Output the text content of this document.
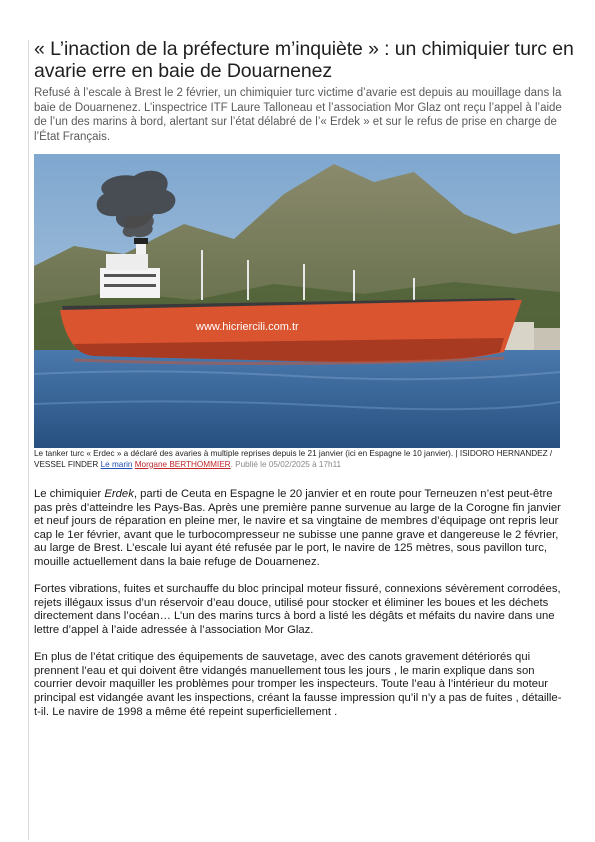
« L’inaction de la préfecture m’inquiète » : un chimiquier turc en avarie erre en baie de Douarnenez

Refusé à l’escale à Brest le 2 février, un chimiquier turc victime d’avarie est depuis au mouillage dans la baie de Douarnenez. L’inspectrice ITF Laure Talloneau et l’association Mor Glaz ont reçu l’appel à l’aide de l’un des marins à bord, alertant sur l’état délabré de l’« Erdek » et sur le refus de prise en charge de l’État Français.

www.hicriercili.com.tr

Le tanker turc « Erdec » a déclaré des avaries à multiple reprises depuis le 21 janvier (ici en Espagne le 10 janvier). | ISIDORO HERNANDEZ / VESSEL FINDER Le marin Morgane BERTHOMMIER. Publié le 05/02/2025 à 17h11

Le chimiquier Erdek, parti de Ceuta en Espagne le 20 janvier et en route pour Terneuzen n’est peut-être pas près d’atteindre les Pays-Bas. Après une première panne survenue au large de la Corogne fin janvier et neuf jours de réparation en pleine mer, le navire et sa vingtaine de membres d’équipage ont repris leur cap le 1er février, avant que le turbocompresseur ne subisse une panne grave et dangereuse le 2 février, au large de Brest. L’escale lui ayant été refusée par le port, le navire de 125 mètres, sous pavillon turc, mouille actuellement dans la baie refuge de Douarnenez.

Fortes vibrations, fuites et surchauffe du bloc principal moteur fissuré, connexions sévèrement corrodées, rejets illégaux issus d’un réservoir d’eau douce, utilisé pour stocker et éliminer les boues et les déchets directement dans l’océan… L’un des marins turcs à bord a listé les dégâts et méfaits du navire dans une lettre d’appel à l’aide adressée à l’association Mor Glaz.

En plus de l’état critique des équipements de sauvetage, avec des canots gravement détériorés qui prennent l’eau et qui doivent être vidangés manuellement tous les jours , le marin explique dans son courrier devoir maquiller les problèmes pour tromper les inspecteurs. Toute l’eau à l’intérieur du moteur principal est vidangée avant les inspections, créant la fausse impression qu’il n’y a pas de fuites , détaille-t-il. Le navire de 1998 a même été repeint superficiellement .
